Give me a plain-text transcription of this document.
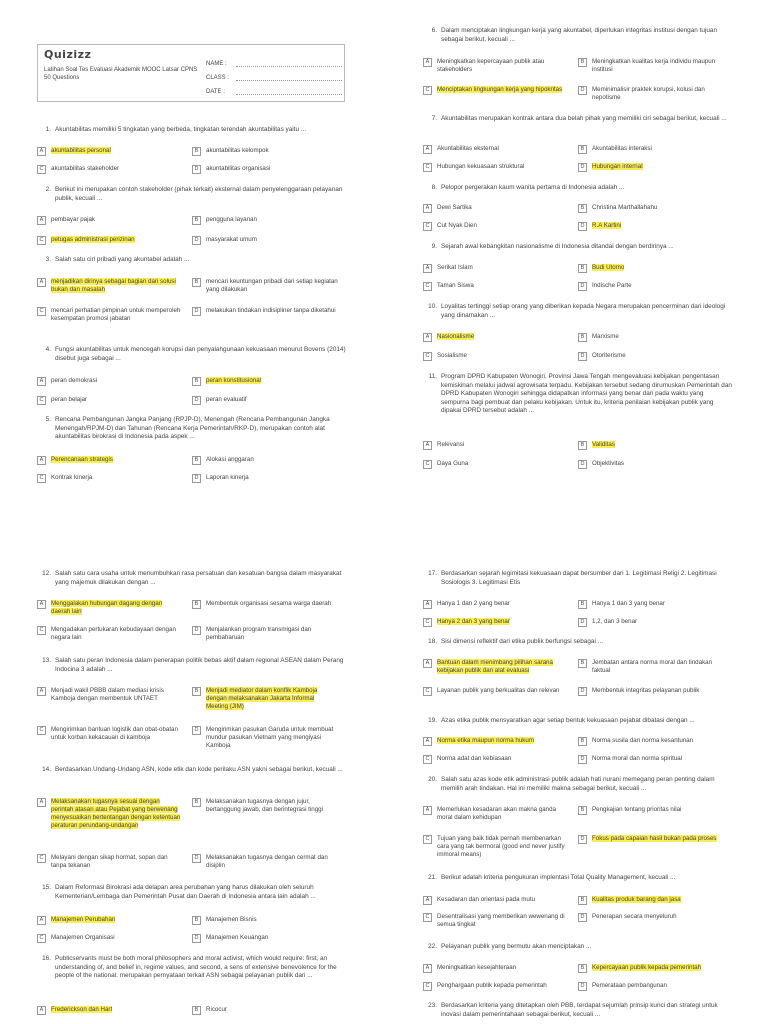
Quizizz
Latihan Soal Tes Evaluasi Akademik MOOC Latsar CPNS
50 Questions
NAME :
CLASS :
DATE :
1. Akuntabilitas memiliki 5 tingkatan yang berbeda, tingkatan terendah akuntabilitas yaitu ...
A	akuntabilitas personal	B	akuntabilitas kelompok
C	akuntabilitas stakeholder	D	akuntabilitas organisasi
2. Berikut ini merupakan contoh stakeholder (pihak terkait) eksternal dalam penyelenggaraan pelayanan publik, kecuali ...
A	pembayar pajak	B	pengguna layanan
C	petugas administrasi perizinan	D	masyarakat umum
3. Salah satu ciri pribadi yang akuntabel adalah ...
A	menjadikan dirinya sebagai bagian dari solusi bukan dan masalah
B	mencari keuntungan pribadi dari setiap kegiatan yang dilakukan
C	mencari perhatian pimpinan untuk memperoleh kesempatan promosi jabatan
D	melakukan tindakan indisipliner tanpa diketahui
4. Fungsi akuntabilitas untuk mencegah korupsi dan penyalahgunaan kekuasaan menurut Bovens (2014) disebut juga sebagai ...
A	peran demokrasi	B	peran konstitusional
C	peran belajar	D	peran evaluatif
5. Rencana Pembangunan Jangka Panjang (RPJP-D), Menengah (Rencana Pembangunan Jangka Menengah/RPJM-D) dan Tahunan (Rencana Kerja Pemerintah/RKP-D), merupakan contoh alat akuntabilitas birokrasi di Indonesia pada aspek ...
A	Perencanaan strategis	B	Alokasi anggaran
C	Kontrak kinerja	D	Laporan kinerja
6. Dalam menciptakan lingkungan kerja yang akuntabel, diperlukan integritas institusi dengan tujuan sebagai berikut, kecuali ...
A	Meningkatkan kepercayaan publik atau stakeholders
B	Meningkatkan kualitas kerja individu maupun institusi
C	Menciptakan lingkungan kerja yang hipokritas	D	Meminimalisir praktek korupsi, kolusi dan nepotisme
7. Akuntabilitas merupakan kontrak antara dua belah pihak yang memiliki ciri sebagai berikut, kecuali ...
A	Akuntabilitas eksternal	B	Akuntabilitas interaksi
C	Hubungan kekuasaan struktural	D	Hubungan internal
8. Pelopor pergerakan kaum wanita pertama di Indonesia adalah ...
A	Dewi Sartika	B	Christina Marthallahahu
C	Cut Nyak Dien	D	R.A Kartini
9. Sejarah awal kebangkitan nasionalisme di Indonesia ditandai dengan berdirinya ...
A	Serikat Islam	B	Budi Utomo
C	Taman Siswa	D	Indische Parte
10. Loyalitas tertinggi setiap orang yang diberikan kepada Negara merupakan pencerminan dari ideologi yang dinamakan ...
A	Nasionalisme	B	Marxisme
C	Sosialisme	D	Otoriterisme
11. Program DPRD Kabupaten Wonogiri, Provinsi Jawa Tengah mengevaluasi kebijakan pengentasan kemiskinan melalui jadwal agrowisata terpadu. Kebijakan tersebut sedang dirumuskan Pemerintah dan DPRD Kabupaten Wonogiri sehingga didapatkan informasi yang benar dan pada waktu yang sempurna bagi pembuat dan pelaku kebijakan. Untuk itu, kriteria penilaian kebijakan publik yang dipakai DPRD tersebut adalah ...
A	Relevansi	B	Validitas
C	Daya Guna	D	Objektivitas
12. Salah satu cara usaha untuk menumbuhkan rasa persatuan dan kesatuan bangsa dalam masyarakat yang majemuk dilakukan dengan ...
A	Menggalakan hubungan dagang dengan daerah lain
B	Membentuk organisasi sesama warga daerah
C	Mengadakan pertukaran kebudayaan dengan negara lain
D	Menjalankan program transmigasi dan pembaharuan
13. Salah satu peran Indonesia dalam penerapan politik bebas aktif dalam regional ASEAN dalam Perang Indocina 3 adalah ...
A	Menjadi wakil PBBB dalam mediasi krisis Kamboja dengan membentuk UNTAET
B	Menjadi mediator dalam konflik Kamboja dengan melaksanakan Jakarta Informal Meeting (JIM)
C	Mengirimkan bantuan logistik dan obat-obatan untuk korban kekacauan di kamboja
D	Mengirimkan pasukan Garuda untuk membuat mundur pasukan Vietnam yang mengiyasi Kamboja
14. Berdasarkan Undang-Undang ASN, kode etik dan kode perilaku ASN yakni sebagai berikut, kecuali ...
A	Melaksanakan tugasnya sesuai dengan perintah atasan atau Pejabat yang berwenang menyesuaikan bertentangan dengan ketentuan peraturan perundang-undangan
B	Melaksanakan tugasnya dengan jujur, bertanggung jawab, dan berintegrasi tinggi
C	Melayani dengan sikap hormat, sopan dan tanpa tekanan
D	Melaksanakan tugasnya dengan cermat dan disiplin
15. Dalam Reformasi Birokrasi ada delapan area perubahan yang harus dilakukan oleh seluruh Kementerian/Lembaga dan Pemerintah Pusat dan Daerah di Indonesia antara lain adalah ...
A	Manajemen Perubahan	B	Manajemen Bisnis
C	Manajemen Organisasi	D	Manajemen Keuangan
16. Publicservants must be both moral philosophers and moral activist, which would require: first, an understanding of, and belief in, regime values, and second, a sens of extensive benevolence for the people of the national. merupakan pernyataan terkait ASN sebagai pelayanan publik dari ...
A	Frederickson dan Hart	B	Ricocur
17. Berdasarkan sejarah legimitasi kekuasaan dapat bersumber dari 1. Legitimasi Religi 2. Legitimasi Sosiologis 3. Legitimasi Etis
A	Hanya 1 dan 2 yang benar	B	Hanya 1 dan 3 yang benar
C	Hanya 2 dan 3 yang benar	D	1,2, dan 3 benar
18. Sisi dimensi reflektif dari etika publik berfungsi sebagai ...
A	Bantuan dalam menimbang pilihan sarana kebijakan publik dan alat evaluasi
B	Jembatan antara norma moral dan tindakan faktual
C	Layanan publik yang berkualitas dan relevan	D	Membentuk integritas pelayanan publik
19. Azas etika publik mensyaratkan agar setiap bentuk kekuasaan pejabat dibatasi dengan ...
A	Norma etika maupun norma hukum	B	Norma susila dan norma kesantunan
C	Norma adat dan kebiasaan	D	Norma moral dan norma spiritual
20. Salah satu azas kode etik administrasi publik adalah hati nurani memegang peran penting dalam memilih arah tindakan. Hal ini memiliki makna sebagai berikut, kecuali ...
A	Memerlukan kesadaran akan makna ganda moral dalam kehidupan
B	Pengkajian tentang prioritas nilai
C	Tujuan yang baik tidak pernah membenarkan cara yang tak bermoral (good end never justify immoral means)
D	Fokus pada capaian hasil bukan pada proses
21. Berikut adalah kriteria pengukuran implentasi Total Quality Management, kecuali ...
A	Kesadaran dan orientasi pada mutu	B	Kualitas produk barang dan jasa
C	Desentralisasi yang memberikan wewenang di semua tingkat
D	Penerapan secara menyeluruh
22. Pelayanan publik yang bermutu akan menciptakan ...
A	Meningkatkan kesejahteraan	B	Kepercayaan publik kepada pemerintah
C	Penghargaan publik kepada pemerintah	D	Pemerataan pembangunan
23. Berdasarkan kriteria yang ditetapkan oleh PBB, terdapat sejumlah prinsip kunci dan strategi untuk inovasi dalam pemerintahaan sebagai berikut, kecuali ...
